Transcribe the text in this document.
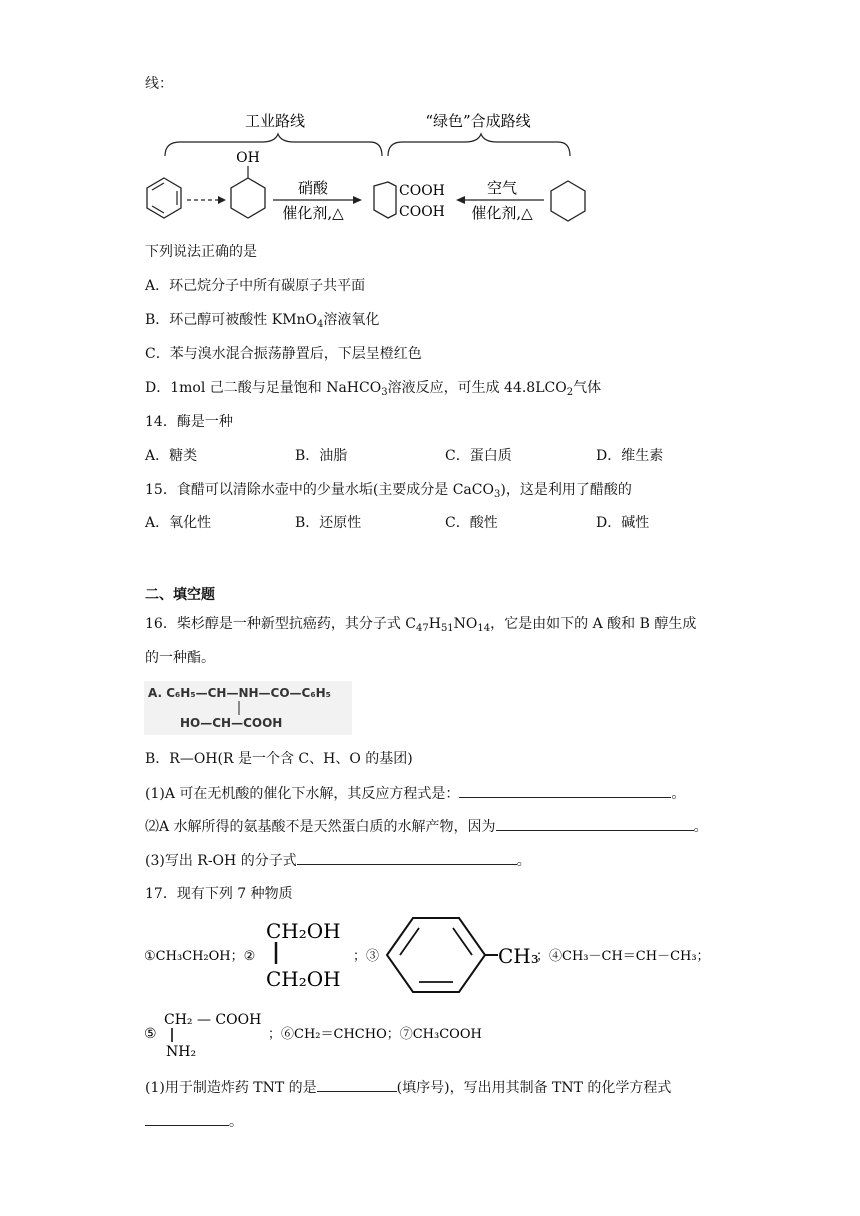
线：
工业路线	“绿色”合成路线
OH
硝酸
催化剂,△
COOH
COOH
空气
催化剂,△
下列说法正确的是
A．环己烷分子中所有碳原子共平面
B．环己醇可被酸性 KMnO$_4$溶液氧化
C．苯与溴水混合振荡静置后，下层呈橙红色
D．1mol 己二酸与足量饱和 NaHCO$_3$溶液反应，可生成 $44.8LCO_2$气体
14．酶是一种
A．糖类	B．油脂	C．蛋白质	D．维生素
15．食醋可以清除水壶中的少量水垢(主要成分是 CaCO$_3$)，这是利用了醋酸的
A．氧化性	B．还原性	C．酸性	D．碱性
二、填空题
16．柴杉醇是一种新型抗癌药，其分子式 $C_{47}H_{51}NO_{14}$，它是由如下的 A 酸和 B 醇生成
的一种酯。
A. C₆H₅—CH—NH—CO—C₆H₅
HO—CH—COOH
B．R—OH(R 是一个含 C、H、O 的基团)
(1)A 可在无机酸的催化下水解，其反应方程式是：	。
⑵A 水解所得的氨基酸不是天然蛋白质的水解产物，因为	。
(3)写出 R-OH 的分子式	。
17．现有下列 7 种物质
①CH₃CH₂OH；②
CH₂OH
CH₂OH
；③	CH₃
；④CH₃－CH＝CH－CH₃；
⑤
CH₂ — COOH
NH₂
；⑥CH₂＝CHCHO；⑦CH₃COOH
(1)用于制造炸药 TNT 的是	(填序号)，写出用其制备 TNT 的化学方程式
。
